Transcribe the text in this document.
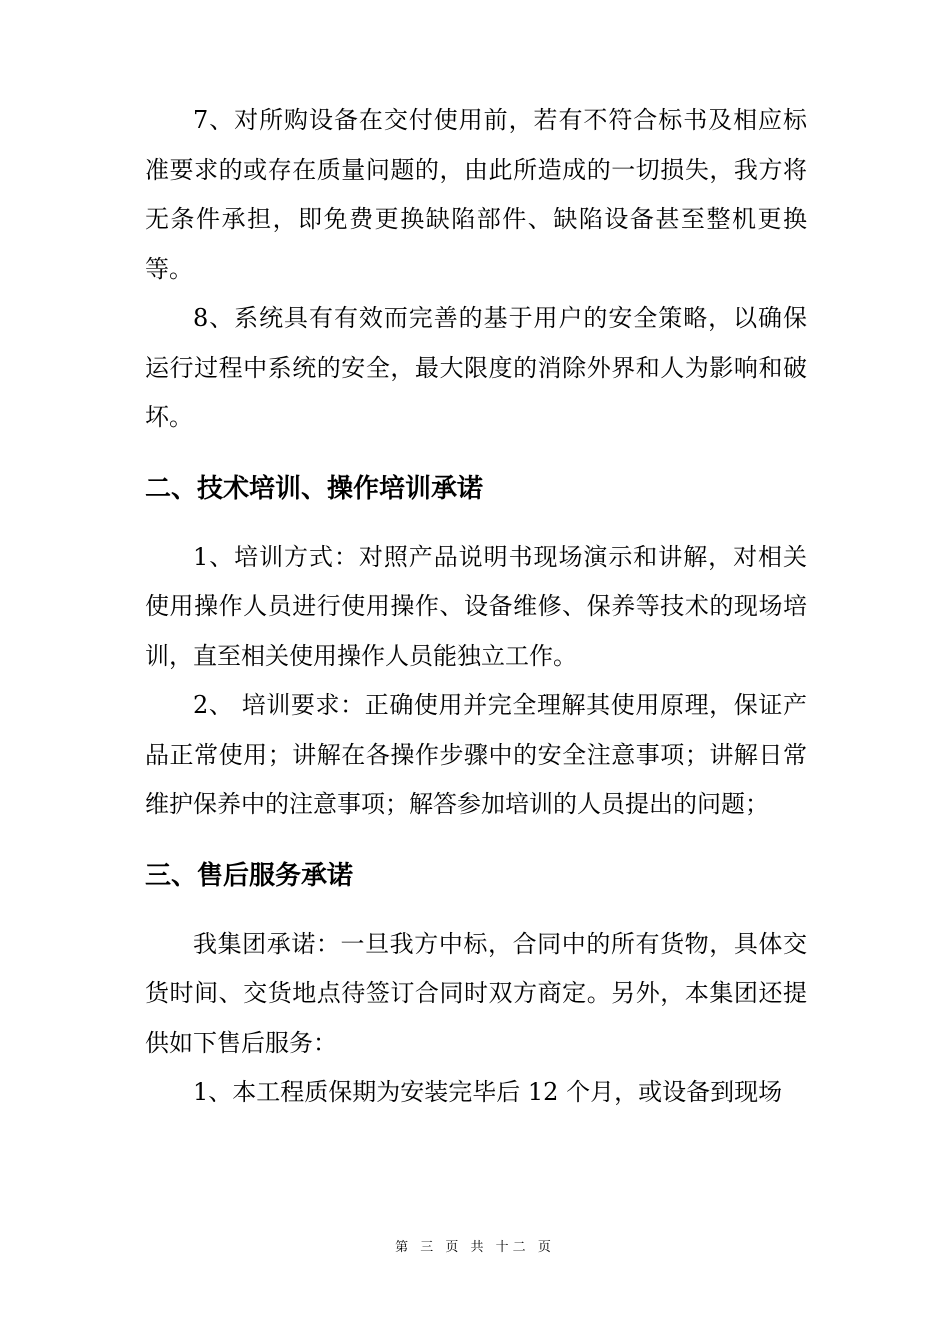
7、对所购设备在交付使用前，若有不符合标书及相应标准要求的或存在质量问题的，由此所造成的一切损失，我方将无条件承担，即免费更换缺陷部件、缺陷设备甚至整机更换等。

8、系统具有有效而完善的基于用户的安全策略，以确保运行过程中系统的安全，最大限度的消除外界和人为影响和破坏。

二、技术培训、操作培训承诺

1、培训方式：对照产品说明书现场演示和讲解，对相关使用操作人员进行使用操作、设备维修、保养等技术的现场培训，直至相关使用操作人员能独立工作。

2、 培训要求：正确使用并完全理解其使用原理，保证产品正常使用；讲解在各操作步骤中的安全注意事项；讲解日常维护保养中的注意事项；解答参加培训的人员提出的问题；

三、售后服务承诺

我集团承诺：一旦我方中标，合同中的所有货物，具体交货时间、交货地点待签订合同时双方商定。另外，本集团还提供如下售后服务：

1、本工程质保期为安装完毕后 12 个月，或设备到现场

第 三 页 共 十二 页
